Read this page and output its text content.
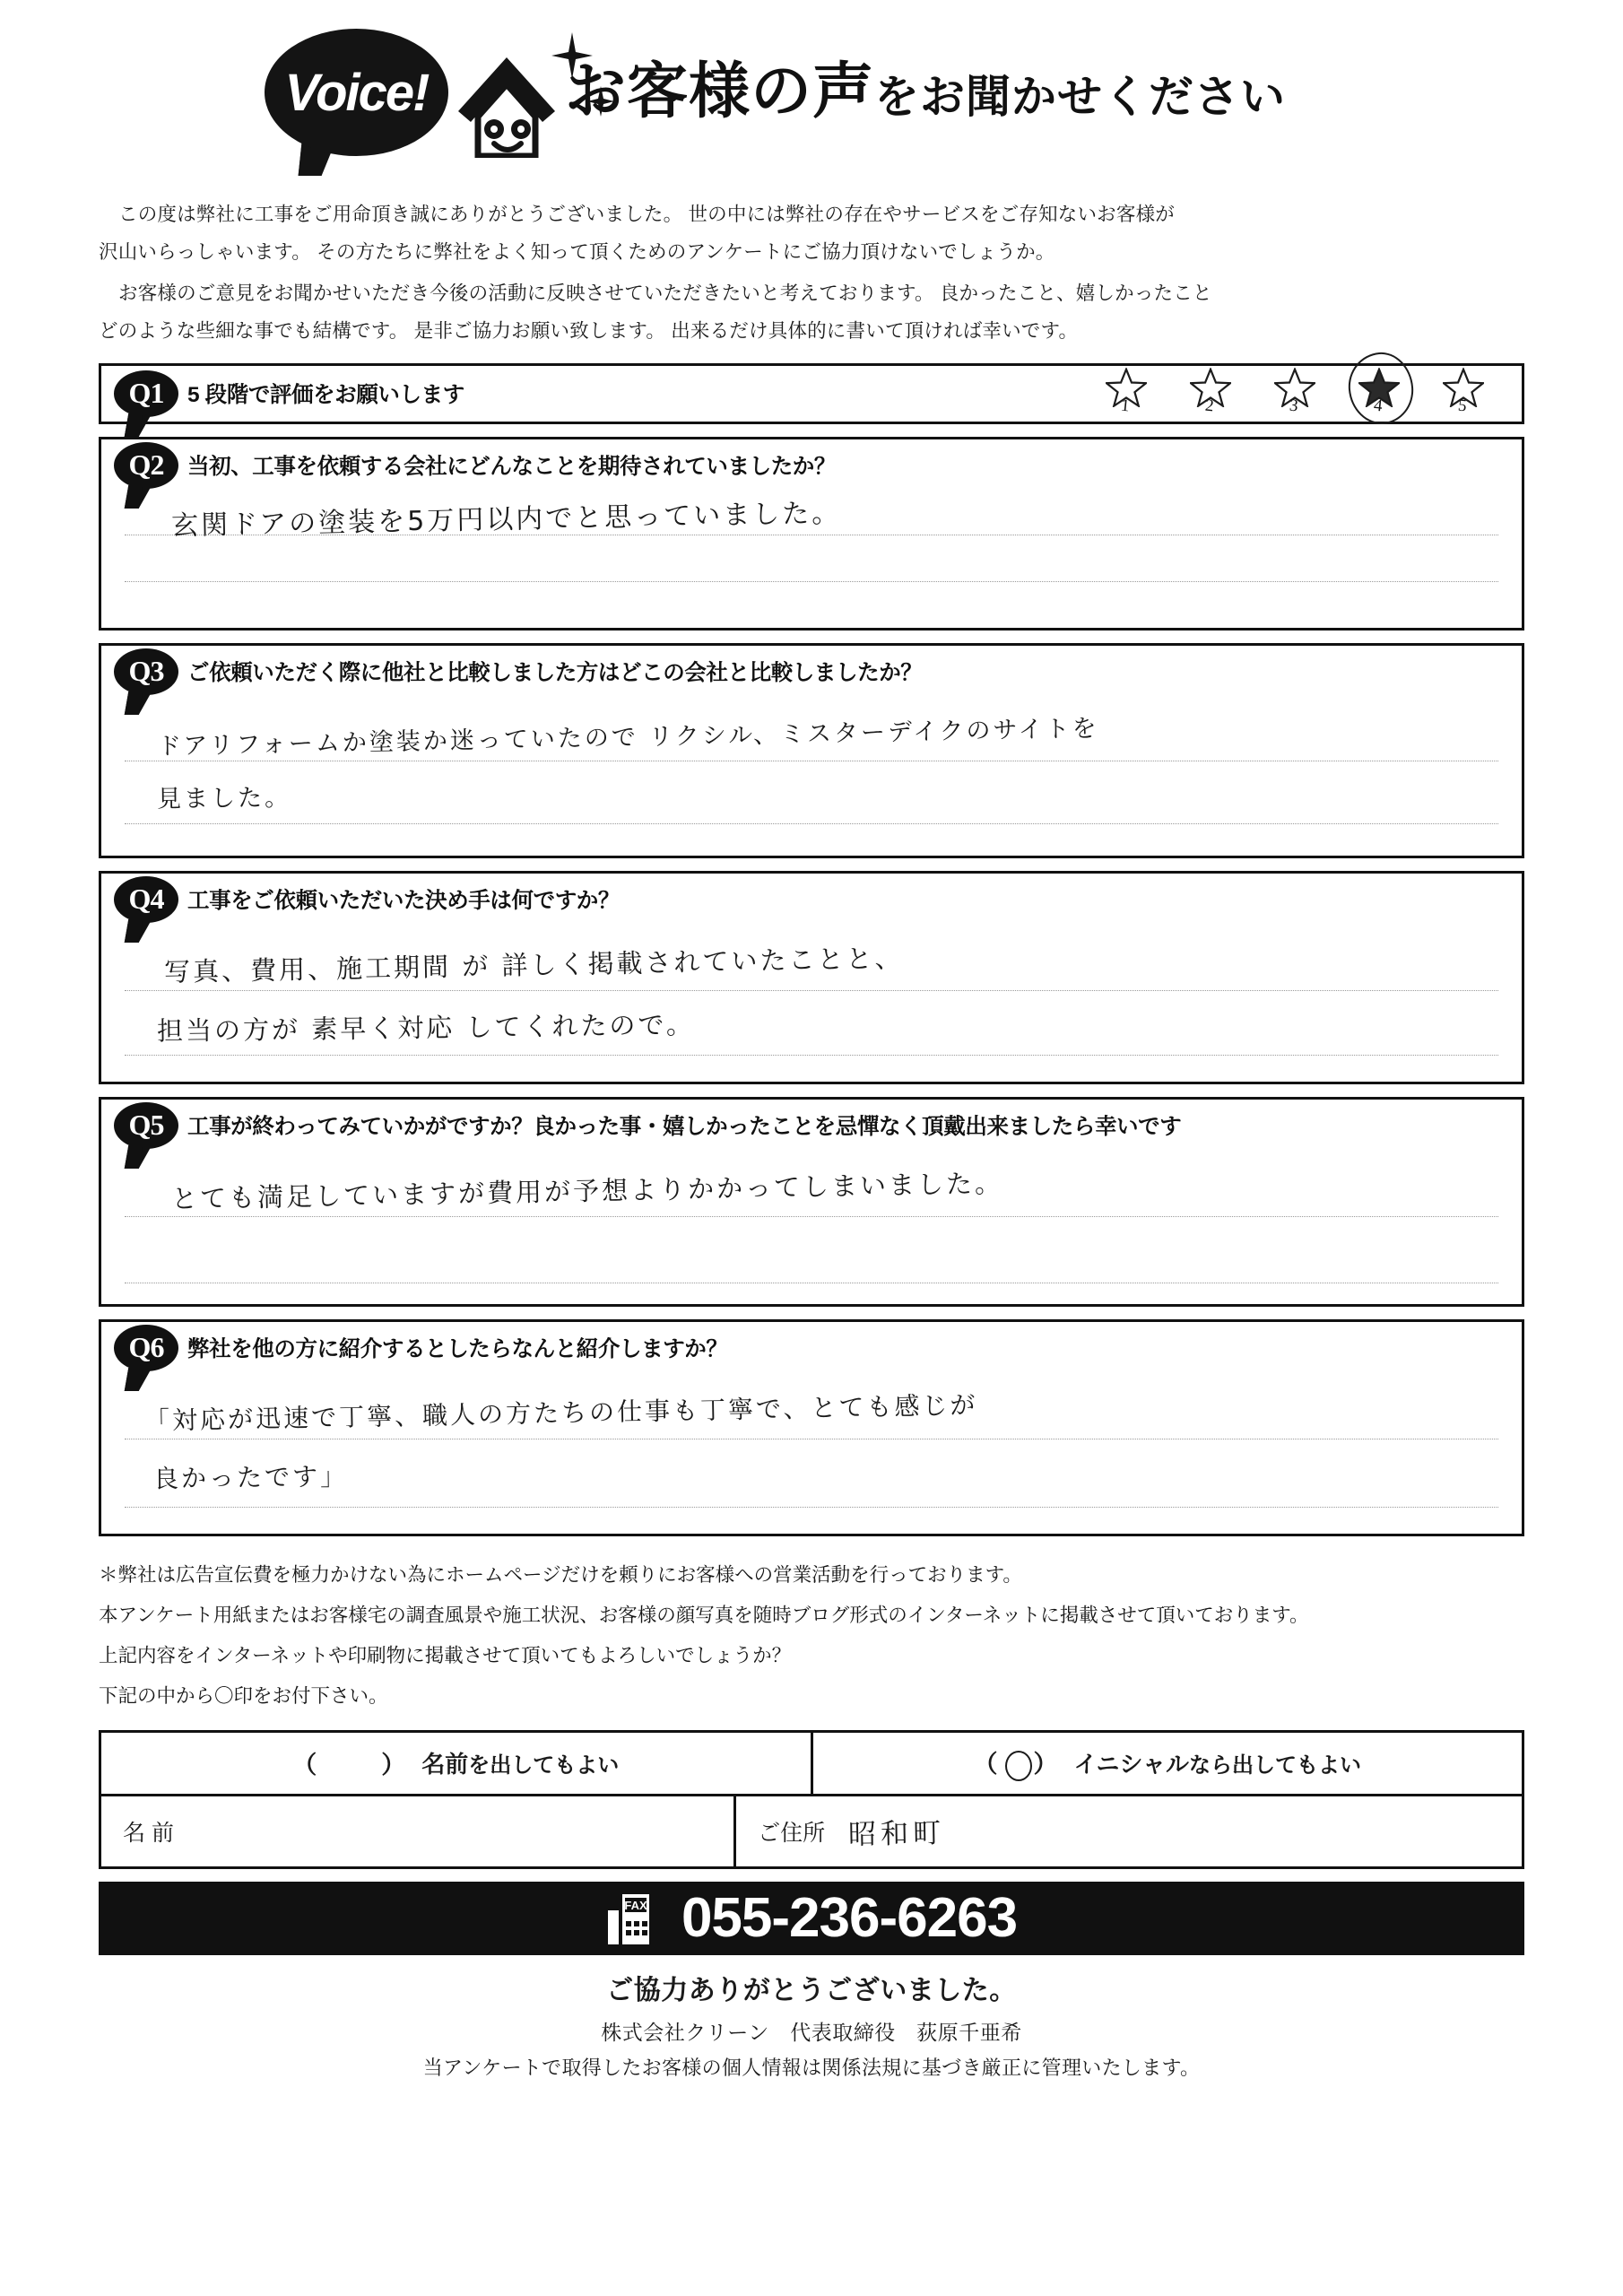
Voice! お客様の声をお聞かせください

この度は弊社に工事をご用命頂き誠にありがとうございました。 世の中には弊社の存在やサービスをご存知ないお客様が
沢山いらっしゃいます。 その方たちに弊社をよく知って頂くためのアンケートにご協力頂けないでしょうか。

お客様のご意見をお聞かせいただき今後の活動に反映させていただきたいと考えております。 良かったこと、嬉しかったこと
どのような些細な事でも結構です。 是非ご協力お願い致します。 出来るだけ具体的に書いて頂ければ幸いです。

Q1	5 段階で評価をお願いします	1	2	3	4	5
Q2	当初、工事を依頼する会社にどんなことを期待されていましたか？
玄関ドアの塗装を5万円以内でと思っていました。
Q3	ご依頼いただく際に他社と比較しました方はどこの会社と比較しましたか？
ドアリフォームか塗装か迷っていたので リクシル、ミスターデイクのサイトを
見ました。
Q4	工事をご依頼いただいた決め手は何ですか？
写真、費用、施工期間 が 詳しく掲載されていたことと、
担当の方が 素早く対応 してくれたので。
Q5	工事が終わってみていかがですか？良かった事・嬉しかったことを忌憚なく頂戴出来ましたら幸いです
とても満足していますが費用が予想よりかかってしまいました。
Q6	弊社を他の方に紹介するとしたらなんと紹介しますか？
「対応が迅速で丁寧、職人の方たちの仕事も丁寧で、とても感じが
良かったです」
＊弊社は広告宣伝費を極力かけない為にホームページだけを頼りにお客様への営業活動を行っております。
本アンケート用紙またはお客様宅の調査風景や施工状況、お客様の顔写真を随時ブログ形式のインターネットに掲載させて頂いております。
上記内容をインターネットや印刷物に掲載させて頂いてもよろしいでしょうか？
下記の中から〇印をお付下さい。
（　　） 名前 を出してもよい	（ ○ ） イニシャル なら出してもよい
名 前	ご住所 昭和町
FAX 055-236-6263
ご協力ありがとうございました。
株式会社クリーン　代表取締役　荻原千亜希
当アンケートで取得したお客様の個人情報は関係法規に基づき厳正に管理いたします。
